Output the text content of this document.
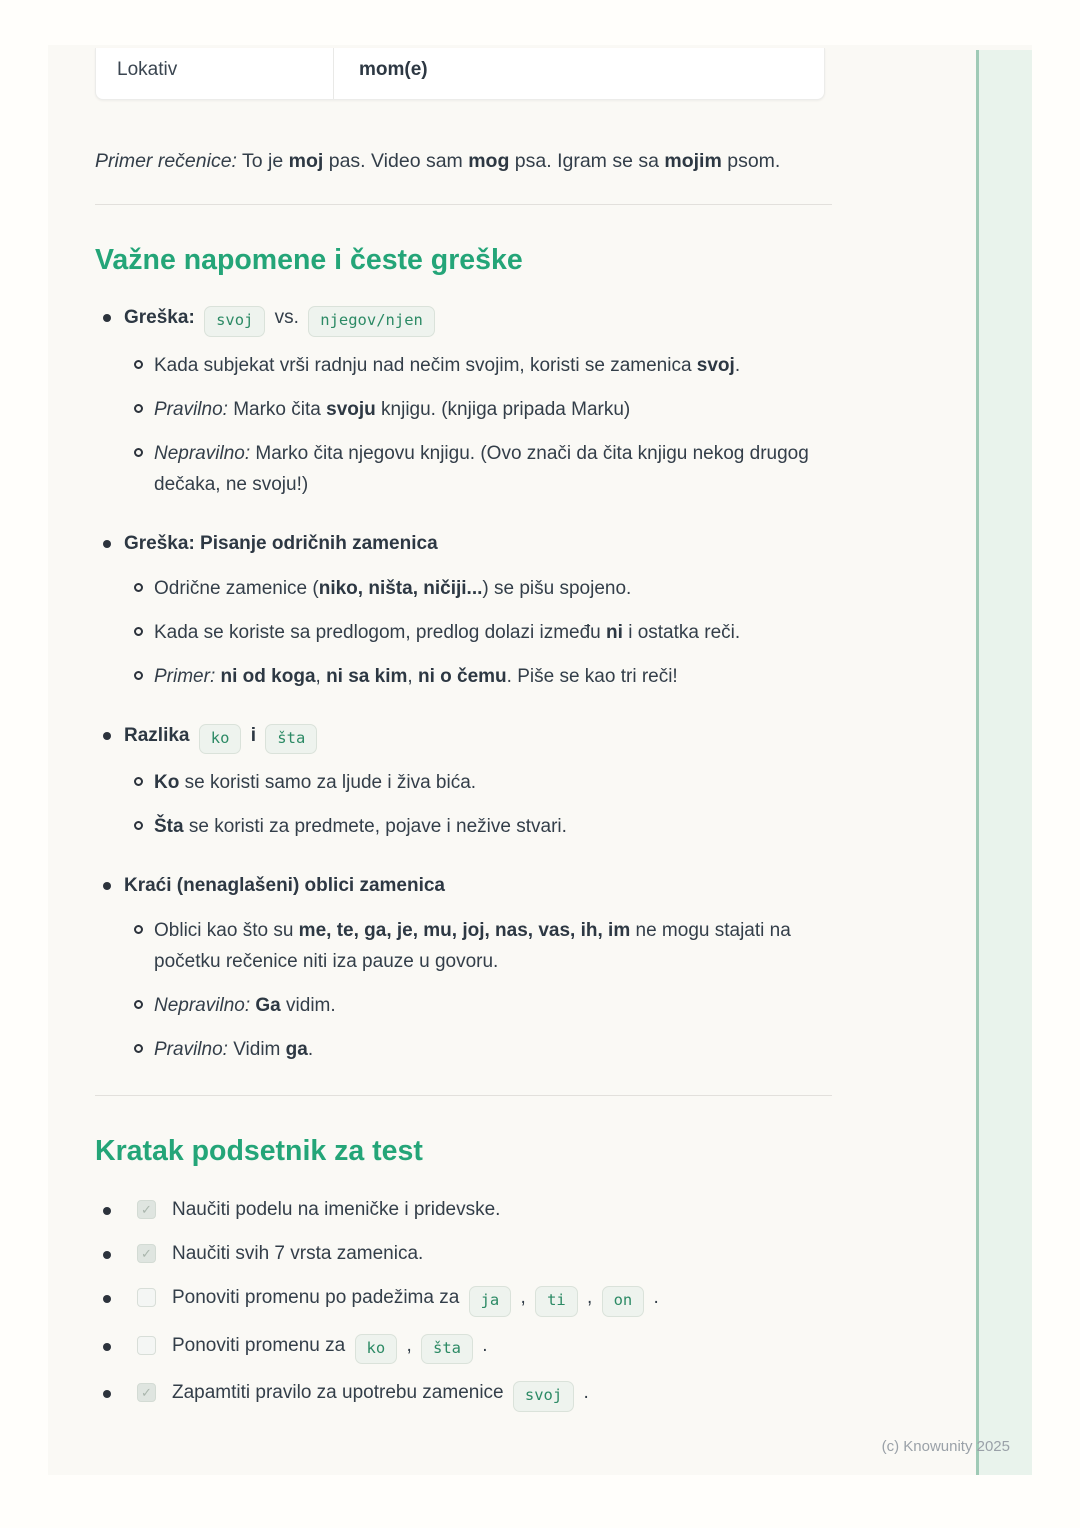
Lokativ	mom(e)

Primer rečenice: To je moj pas. Video sam mog psa. Igram se sa mojim psom.

Važne napomene i česte greške
Greška: svoj vs. njegov/njen
Kada subjekat vrši radnju nad nečim svojim, koristi se zamenica svoj.
Pravilno: Marko čita svoju knjigu. (knjiga pripada Marku)
Nepravilno: Marko čita njegovu knjigu. (Ovo znači da čita knjigu nekog drugog dečaka, ne svoju!)
Greška: Pisanje odričnih zamenica
Odrične zamenice (niko, ništa, ničiji...) se pišu spojeno.
Kada se koriste sa predlogom, predlog dolazi između ni i ostatka reči.
Primer: ni od koga, ni sa kim, ni o čemu. Piše se kao tri reči!
Razlika ko i šta
Ko se koristi samo za ljude i živa bića.
Šta se koristi za predmete, pojave i nežive stvari.
Kraći (nenaglašeni) oblici zamenica
Oblici kao što su me, te, ga, je, mu, joj, nas, vas, ih, im ne mogu stajati na početku rečenice niti iza pauze u govoru.
Nepravilno: Ga vidim.
Pravilno: Vidim ga.
Kratak podsetnik za test
✓ Naučiti podelu na imeničke i pridevske.
✓ Naučiti svih 7 vrsta zamenica.
Ponoviti promenu po padežima za ja , ti , on .
Ponoviti promenu za ko , šta .
✓ Zapamtiti pravilo za upotrebu zamenice svoj .
(c) Knowunity 2025
